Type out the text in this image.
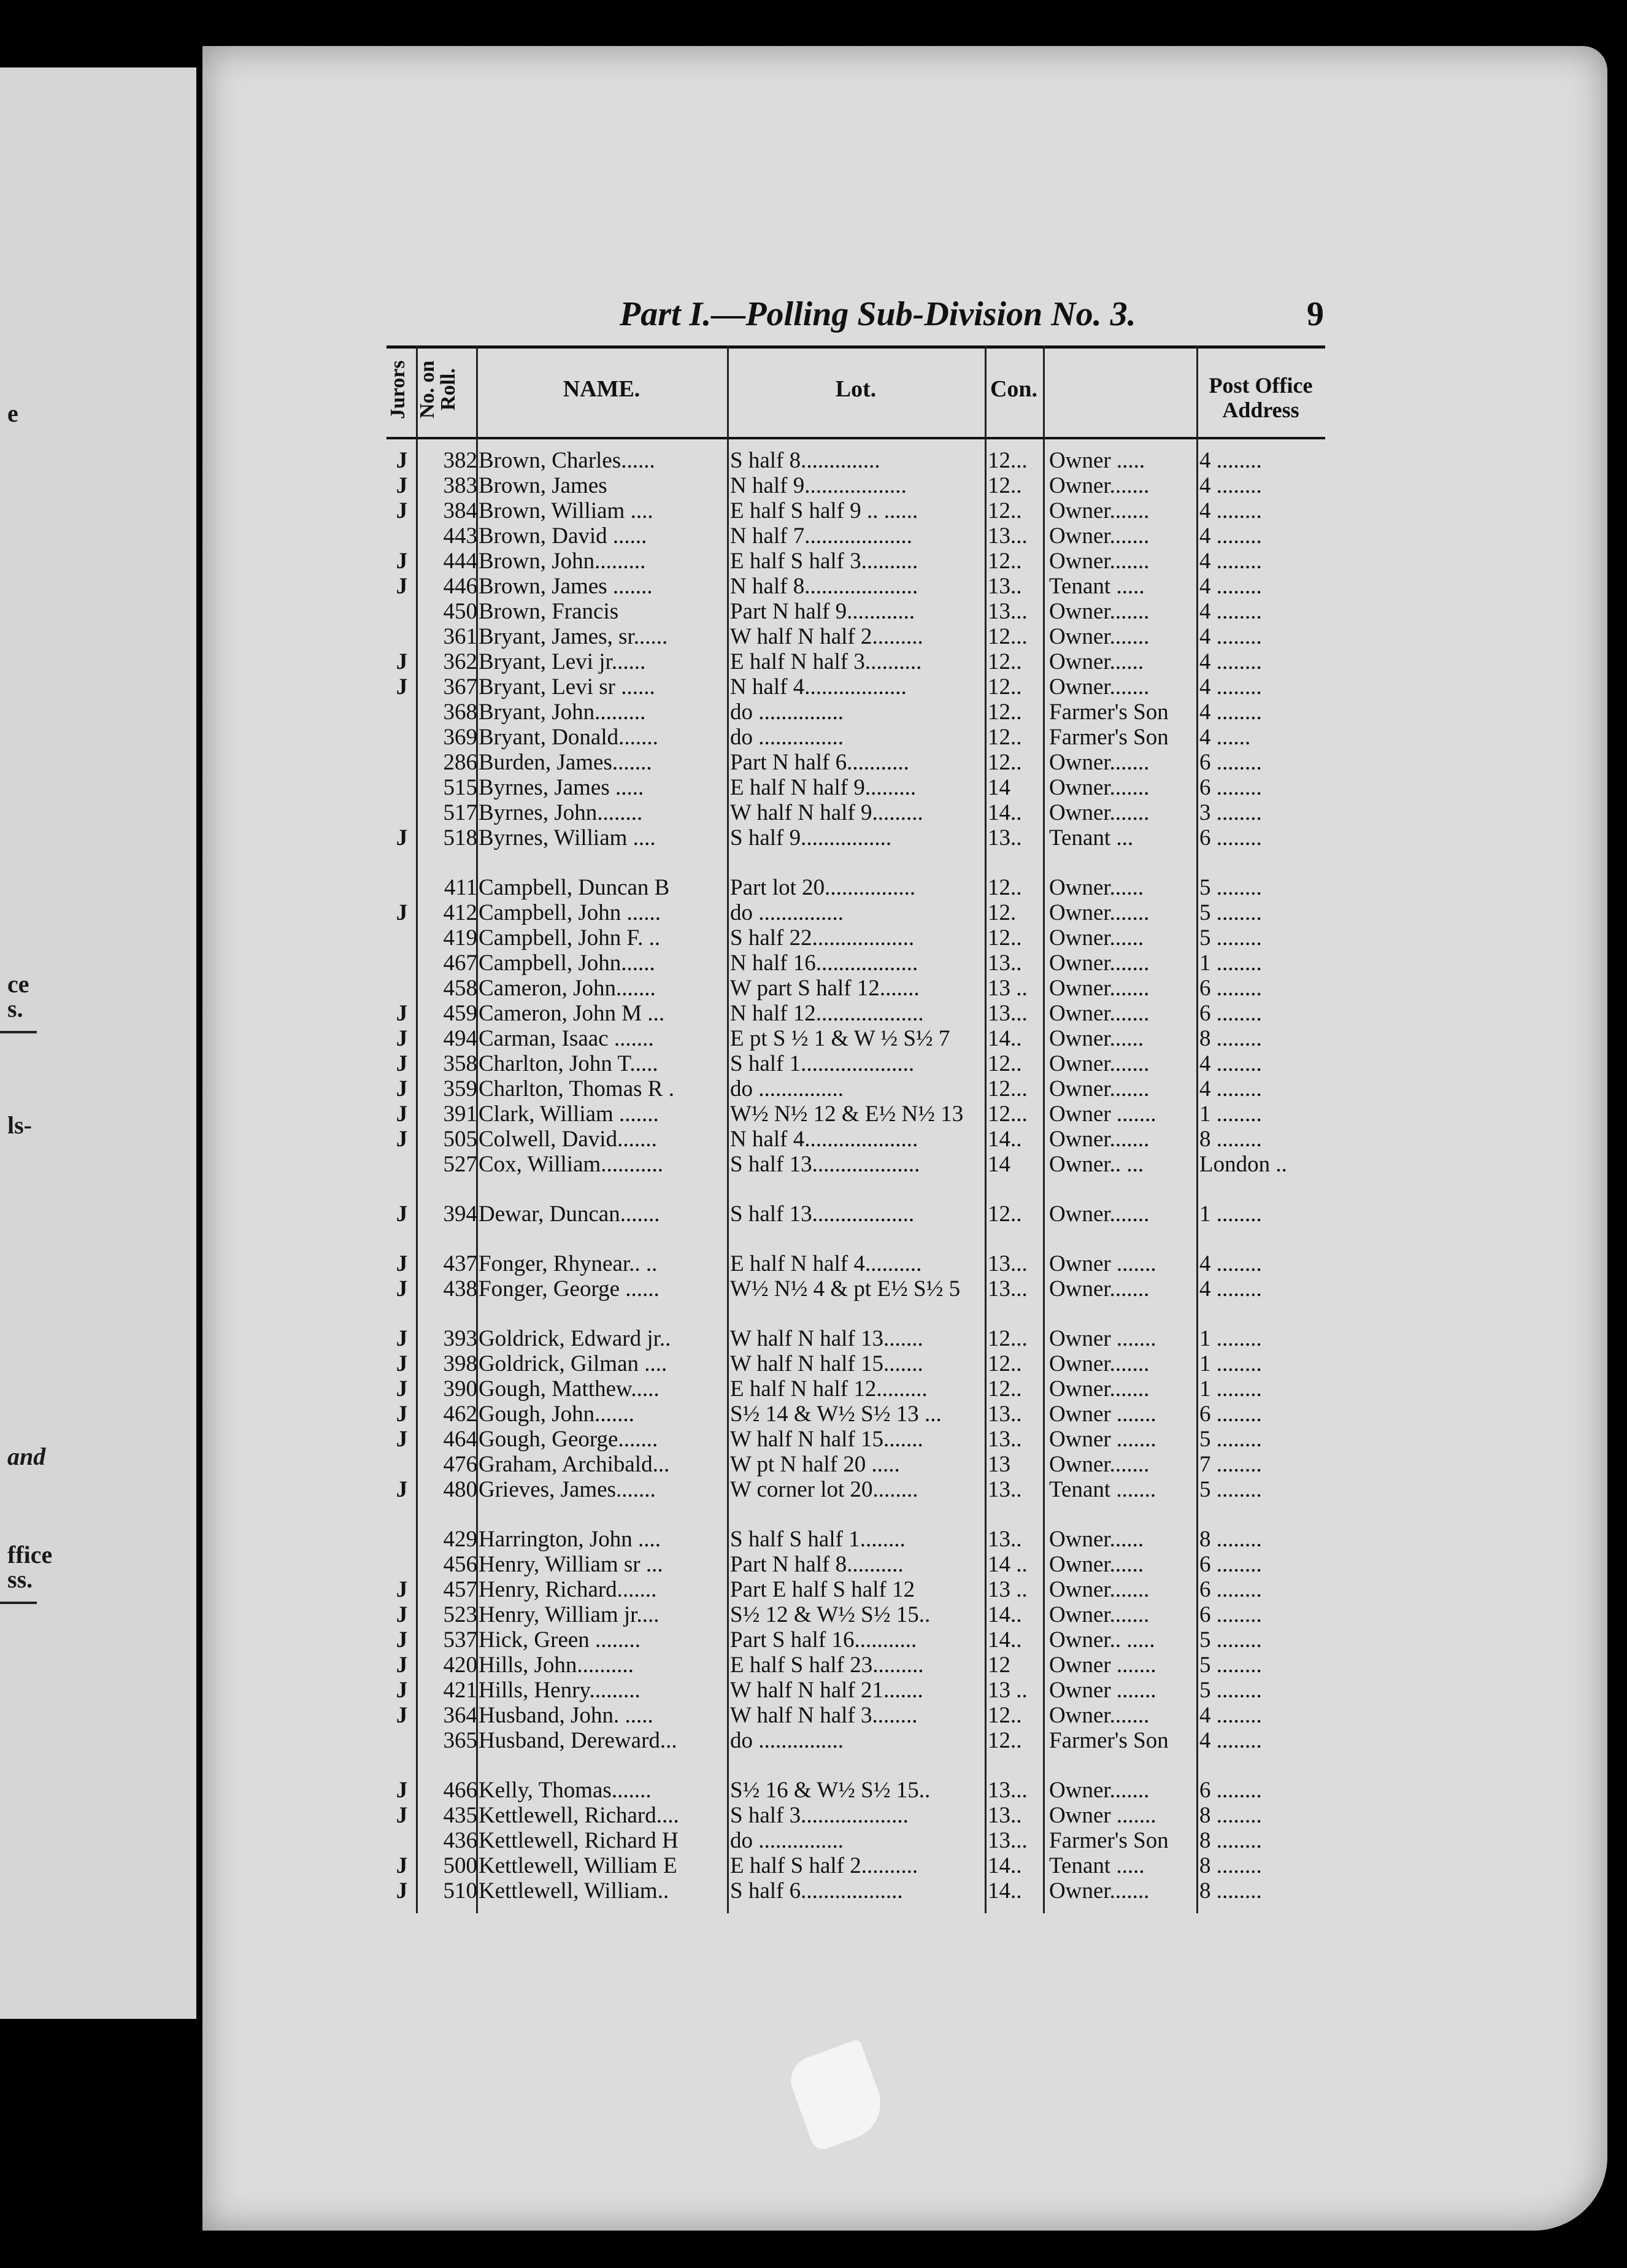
e
ce
s.
ls-
and
ffice
ss.
Part I.—Polling Sub-Division No. 3.	9
Jurors No. on Roll.	NAME.	Lot.	Con.	Post Office Address
J	382 Brown, Charles......	S half 8..............	12... Owner .....	4 ........
J	383 Brown, James	N half 9..................	12..	Owner.......	4 ........
J	384 Brown, William ....	E half S half 9 .. ......	12..	Owner.......	4 ........
443 Brown, David ......	N half 7...................	13... Owner.......	4 ........
J	444 Brown, John.........	E half S half 3..........	12..	Owner.......	4 ........
J	446 Brown, James .......	N half 8....................	13..	Tenant .....	4 ........
450 Brown, Francis	Part N half 9............	13... Owner.......	4 ........
361 Bryant, James, sr......	W half N half 2.........	12... Owner.......	4 ........
J	362 Bryant, Levi jr......	E half N half 3..........	12..	Owner......	4 ........
J	367 Bryant, Levi sr ......	N half 4..................	12..	Owner.......	4 ........
368 Bryant, John.........	do ...............	12..	Farmer's Son	4 ........
369 Bryant, Donald.......	do ...............	12..	Farmer's Son	4 ......
286 Burden, James.......	Part N half 6...........	12..	Owner.......	6 ........
515 Byrnes, James .....	E half N half 9.........	14	Owner.......	6 ........
517 Byrnes, John........	W half N half 9.........	14..	Owner.......	3 ........
J	518 Byrnes, William ....	S half 9................	13..	Tenant ...	6 ........
411 Campbell, Duncan B	Part lot 20................	12..	Owner......	5 ........
J	412 Campbell, John ......	do ...............	12.	Owner.......	5 ........
419 Campbell, John F. ..	S half 22..................	12..	Owner......	5 ........
467 Campbell, John......	N half 16..................	13..	Owner.......	1 ........
458 Cameron, John.......	W part S half 12.......	13 .. Owner.......	6 ........
J	459 Cameron, John M ...	N half 12...................	13... Owner.......	6 ........
J	494 Carman, Isaac .......	E pt S ½ 1 & W ½ S½ 7	14..	Owner......	8 ........
J	358 Charlton, John T.....	S half 1....................	12..	Owner.......	4 ........
J	359 Charlton, Thomas R .	do ...............	12... Owner.......	4 ........
J	391 Clark, William .......	W½ N½ 12 & E½ N½ 13	12... Owner .......	1 ........
J	505 Colwell, David.......	N half 4....................	14..	Owner.......	8 ........
527 Cox, William...........	S half 13...................	14	Owner.. ...	London ..
J	394 Dewar, Duncan.......	S half 13..................	12..	Owner.......	1 ........
J	437 Fonger, Rhynear.. ..	E half N half 4..........	13... Owner .......	4 ........
J	438 Fonger, George ......	W½ N½ 4 & pt E½ S½ 5	13... Owner.......	4 ........
J	393 Goldrick, Edward jr..	W half N half 13.......	12... Owner .......	1 ........
J	398 Goldrick, Gilman ....	W half N half 15.......	12..	Owner.......	1 ........
J	390 Gough, Matthew.....	E half N half 12.........	12..	Owner.......	1 ........
J	462 Gough, John.......	S½ 14 & W½ S½ 13 ...	13..	Owner .......	6 ........
J	464 Gough, George.......	W half N half 15.......	13..	Owner .......	5 ........
476 Graham, Archibald...	W pt N half 20 .....	13	Owner.......	7 ........
J	480 Grieves, James.......	W corner lot 20........	13..	Tenant .......	5 ........
429 Harrington, John ....	S half S half 1........	13..	Owner......	8 ........
456 Henry, William sr ...	Part N half 8..........	14 .. Owner......	6 ........
J	457 Henry, Richard.......	Part E half S half 12	13 .. Owner.......	6 ........
J	523 Henry, William jr....	S½ 12 & W½ S½ 15..	14..	Owner.......	6 ........
J	537 Hick, Green ........	Part S half 16...........	14..	Owner.. .....	5 ........
J	420 Hills, John..........	E half S half 23.........	12	Owner .......	5 ........
J	421 Hills, Henry.........	W half N half 21.......	13 .. Owner .......	5 ........
J	364 Husband, John. .....	W half N half 3........	12..	Owner.......	4 ........
365 Husband, Dereward...	do ...............	12..	Farmer's Son	4 ........
J	466 Kelly, Thomas.......	S½ 16 & W½ S½ 15..	13... Owner.......	6 ........
J	435 Kettlewell, Richard....	S half 3...................	13..	Owner .......	8 ........
436 Kettlewell, Richard H	do ...............	13... Farmer's Son	8 ........
J	500 Kettlewell, William E	E half S half 2..........	14..	Tenant .....	8 ........
J	510 Kettlewell, William..	S half 6..................	14..	Owner.......	8 ........
